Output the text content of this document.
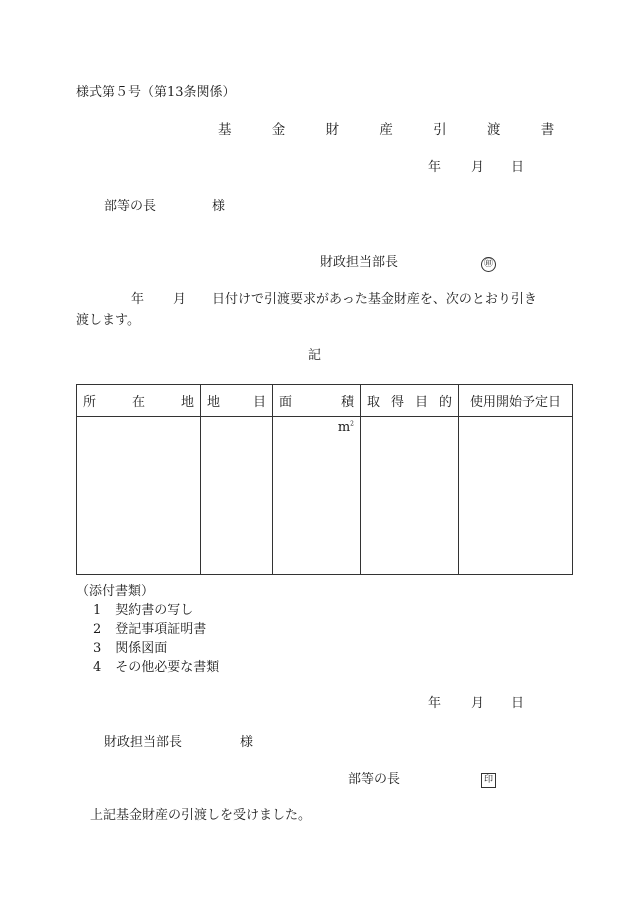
様式第５号（第13条関係）
基 金 財 産 引 渡 書
年 月 日
部等の長	様
財政担当部長	㊞
年 月 日付けで引渡要求があった基金財産を、次のとおり引き
渡します。
記
所 在 地	地 目	面 積	取 得 目 的	使用開始予定日

		$m^2$		
（添付書類）
1 契約書の写し
2 登記事項証明書
3 関係図面
4 その他必要な書類
年 月 日
財政担当部長	様
部等の長	印
上記基金財産の引渡しを受けました。
